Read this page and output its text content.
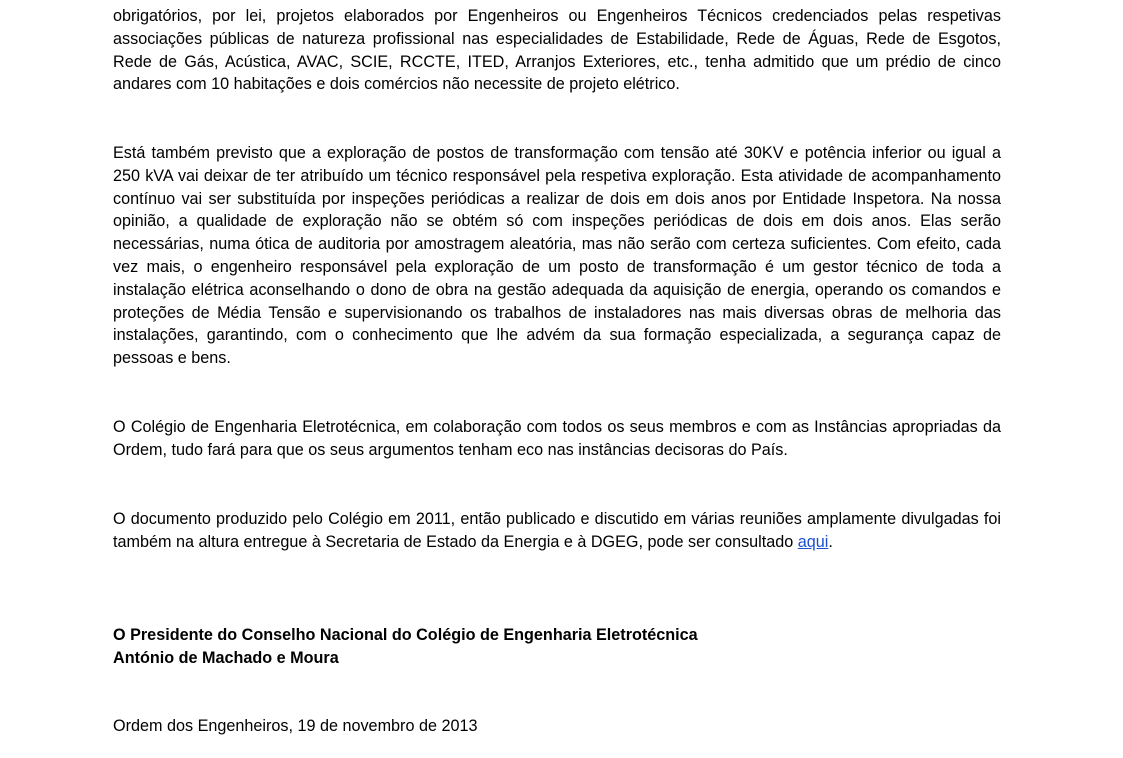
obrigatórios, por lei, projetos elaborados por Engenheiros ou Engenheiros Técnicos credenciados pelas respetivas associações públicas de natureza profissional nas especialidades de Estabilidade, Rede de Águas, Rede de Esgotos, Rede de Gás, Acústica, AVAC, SCIE, RCCTE, ITED, Arranjos Exteriores, etc., tenha admitido que um prédio de cinco andares com 10 habitações e dois comércios não necessite de projeto elétrico.

Está também previsto que a exploração de postos de transformação com tensão até 30KV e potência inferior ou igual a 250 kVA vai deixar de ter atribuído um técnico responsável pela respetiva exploração. Esta atividade de acompanhamento contínuo vai ser substituída por inspeções periódicas a realizar de dois em dois anos por Entidade Inspetora. Na nossa opinião, a qualidade de exploração não se obtém só com inspeções periódicas de dois em dois anos. Elas serão necessárias, numa ótica de auditoria por amostragem aleatória, mas não serão com certeza suficientes. Com efeito, cada vez mais, o engenheiro responsável pela exploração de um posto de transformação é um gestor técnico de toda a instalação elétrica aconselhando o dono de obra na gestão adequada da aquisição de energia, operando os comandos e proteções de Média Tensão e supervisionando os trabalhos de instaladores nas mais diversas obras de melhoria das instalações, garantindo, com o conhecimento que lhe advém da sua formação especializada, a segurança capaz de pessoas e bens.

O Colégio de Engenharia Eletrotécnica, em colaboração com todos os seus membros e com as Instâncias apropriadas da Ordem, tudo fará para que os seus argumentos tenham eco nas instâncias decisoras do País.

O documento produzido pelo Colégio em 2011, então publicado e discutido em várias reuniões amplamente divulgadas foi também na altura entregue à Secretaria de Estado da Energia e à DGEG, pode ser consultado aqui.

O Presidente do Conselho Nacional do Colégio de Engenharia Eletrotécnica
António de Machado e Moura
Ordem dos Engenheiros, 19 de novembro de 2013
